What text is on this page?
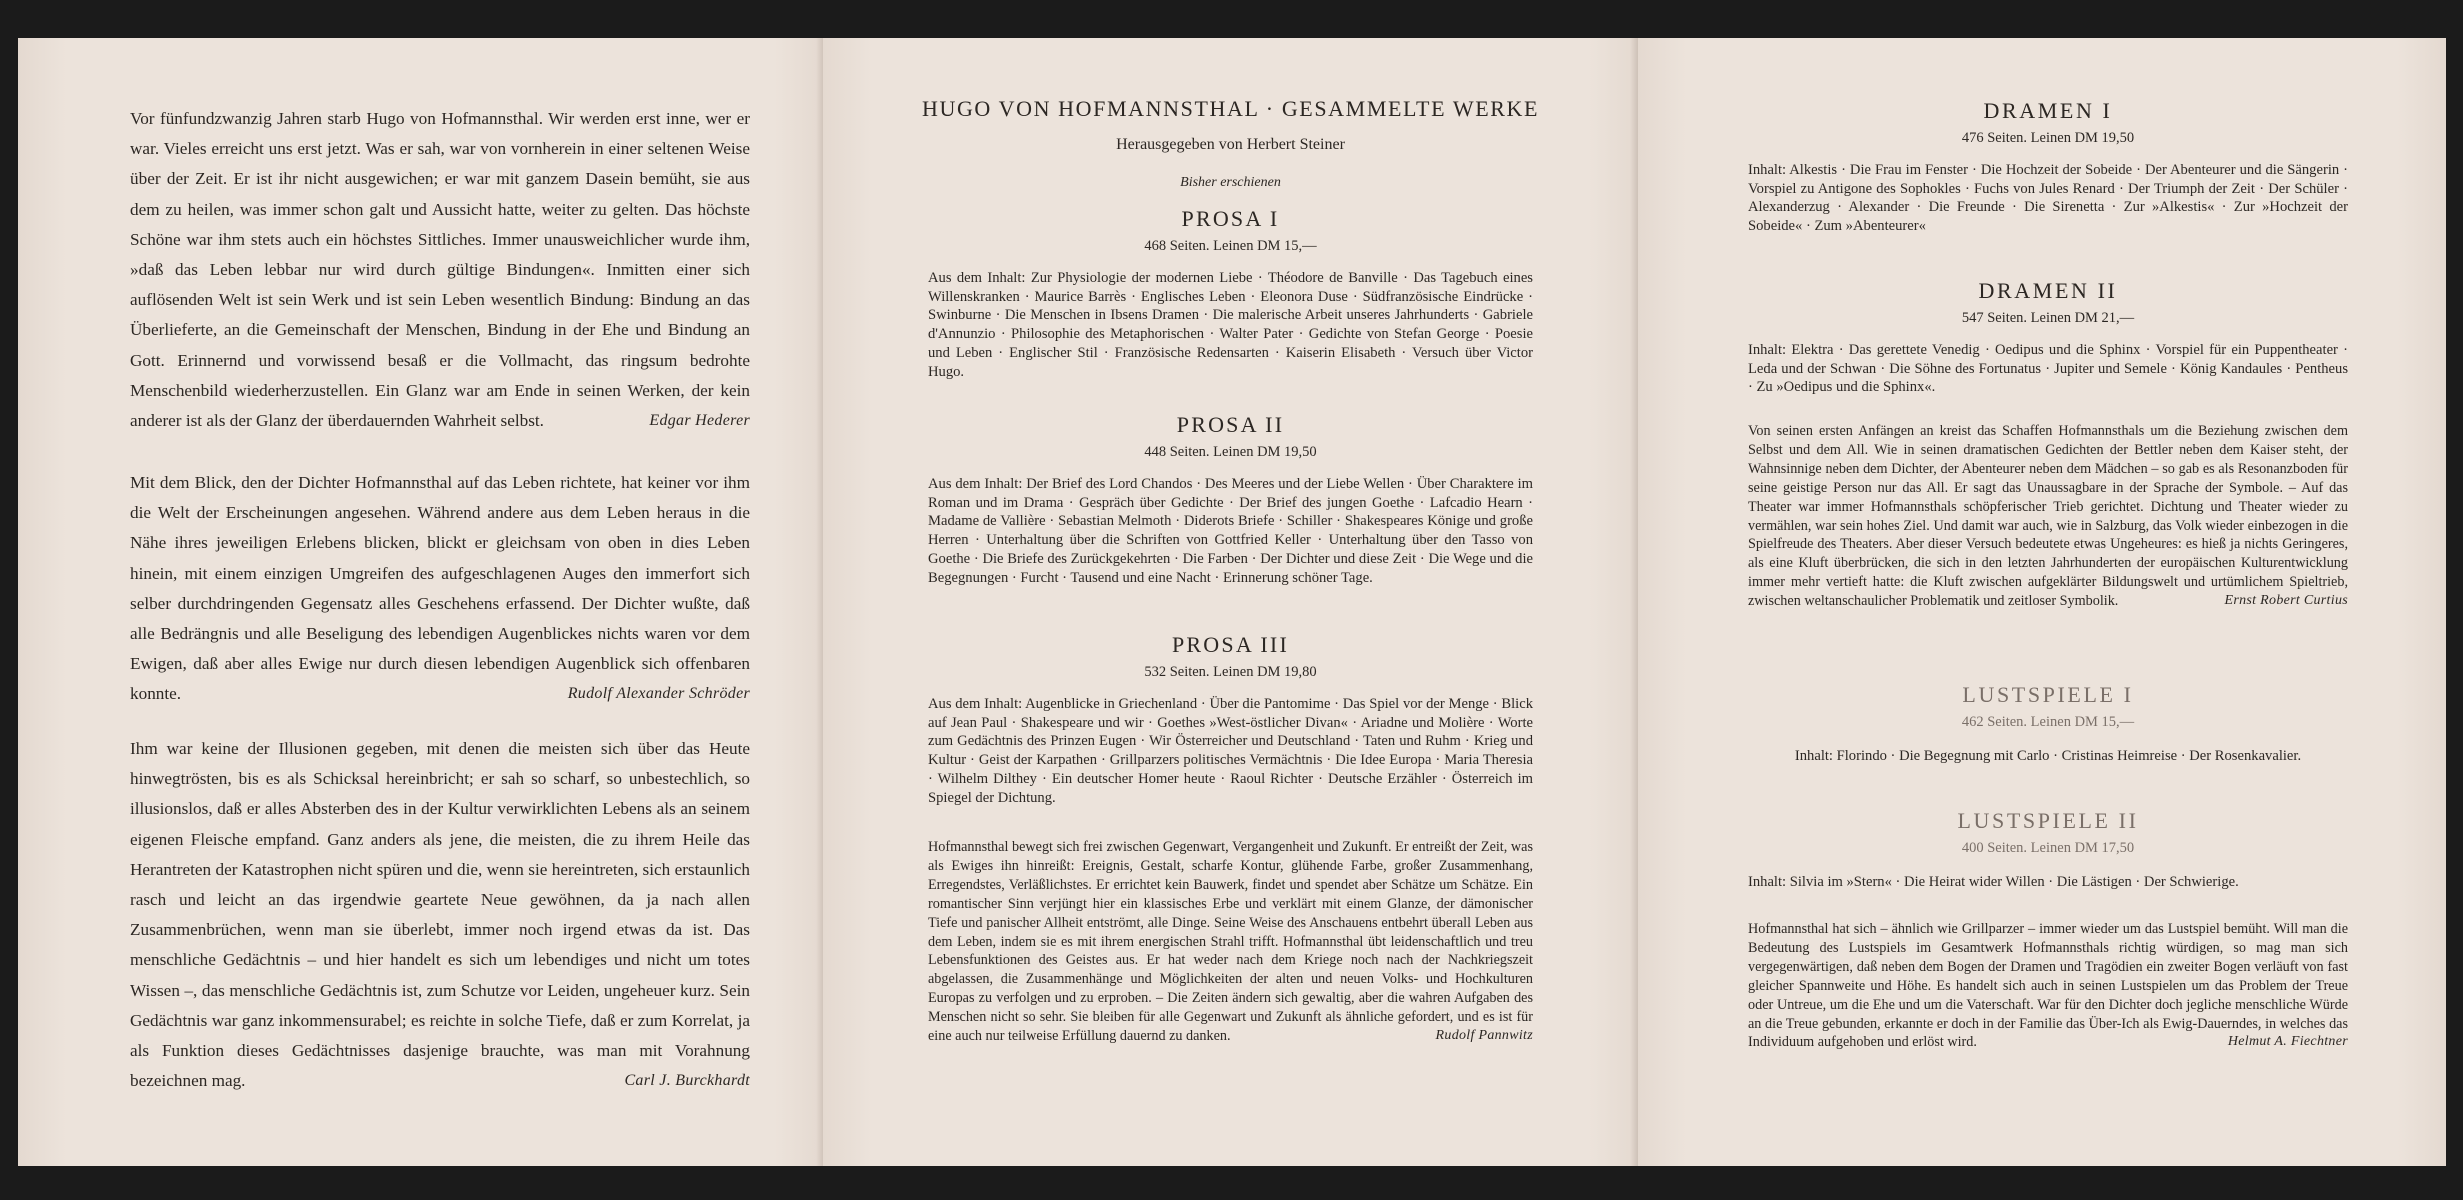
Vor fünfundzwanzig Jahren starb Hugo von Hofmannsthal. Wir werden erst inne, wer er war. Vieles erreicht uns erst jetzt. Was er sah, war von vornherein in einer seltenen Weise über der Zeit. Er ist ihr nicht ausgewichen; er war mit ganzem Dasein bemüht, sie aus dem zu heilen, was immer schon galt und Aussicht hatte, weiter zu gelten. Das höchste Schöne war ihm stets auch ein höchstes Sittliches. Immer unausweichlicher wurde ihm, »daß das Leben lebbar nur wird durch gültige Bindungen«. Inmitten einer sich auflösenden Welt ist sein Werk und ist sein Leben wesentlich Bindung: Bindung an das Überlieferte, an die Gemeinschaft der Menschen, Bindung in der Ehe und Bindung an Gott. Erinnernd und vorwissend besaß er die Vollmacht, das ringsum bedrohte Menschenbild wiederherzustellen. Ein Glanz war am Ende in seinen Werken, der kein anderer ist als der Glanz der überdauernden Wahrheit selbst.	Edgar Hederer

Mit dem Blick, den der Dichter Hofmannsthal auf das Leben richtete, hat keiner vor ihm die Welt der Erscheinungen angesehen. Während andere aus dem Leben heraus in die Nähe ihres jeweiligen Erlebens blicken, blickt er gleichsam von oben in dies Leben hinein, mit einem einzigen Umgreifen des aufgeschlagenen Auges den immerfort sich selber durchdringenden Gegensatz alles Geschehens erfassend. Der Dichter wußte, daß alle Bedrängnis und alle Beseligung des lebendigen Augenblickes nichts waren vor dem Ewigen, daß aber alles Ewige nur durch diesen lebendigen Augenblick sich offenbaren konnte.	Rudolf Alexander Schröder

Ihm war keine der Illusionen gegeben, mit denen die meisten sich über das Heute hinwegtrösten, bis es als Schicksal hereinbricht; er sah so scharf, so unbestechlich, so illusionslos, daß er alles Absterben des in der Kultur verwirklichten Lebens als an seinem eigenen Fleische empfand. Ganz anders als jene, die meisten, die zu ihrem Heile das Herantreten der Katastrophen nicht spüren und die, wenn sie hereintreten, sich erstaunlich rasch und leicht an das irgendwie geartete Neue gewöhnen, da ja nach allen Zusammenbrüchen, wenn man sie überlebt, immer noch irgend etwas da ist. Das menschliche Gedächtnis – und hier handelt es sich um lebendiges und nicht um totes Wissen –, das menschliche Gedächtnis ist, zum Schutze vor Leiden, ungeheuer kurz. Sein Gedächtnis war ganz inkommensurabel; es reichte in solche Tiefe, daß er zum Korrelat, ja als Funktion dieses Gedächtnisses dasjenige brauchte, was man mit Vorahnung bezeichnen mag.	Carl J. Burckhardt

HUGO VON HOFMANNSTHAL · GESAMMELTE WERKE
Herausgegeben von Herbert Steiner
Bisher erschienen
PROSA I
468 Seiten. Leinen DM 15,—

Aus dem Inhalt: Zur Physiologie der modernen Liebe · Théodore de Banville · Das Tagebuch eines Willenskranken · Maurice Barrès · Englisches Leben · Eleonora Duse · Südfranzösische Eindrücke · Swinburne · Die Menschen in Ibsens Dramen · Die malerische Arbeit unseres Jahrhunderts · Gabriele d'Annunzio · Philosophie des Metaphorischen · Walter Pater · Gedichte von Stefan George · Poesie und Leben · Englischer Stil · Französische Redensarten · Kaiserin Elisabeth · Versuch über Victor Hugo.

PROSA II
448 Seiten. Leinen DM 19,50

Aus dem Inhalt: Der Brief des Lord Chandos · Des Meeres und der Liebe Wellen · Über Charaktere im Roman und im Drama · Gespräch über Gedichte · Der Brief des jungen Goethe · Lafcadio Hearn · Madame de Vallière · Sebastian Melmoth · Diderots Briefe · Schiller · Shakespeares Könige und große Herren · Unterhaltung über die Schriften von Gottfried Keller · Unterhaltung über den Tasso von Goethe · Die Briefe des Zurückgekehrten · Die Farben · Der Dichter und diese Zeit · Die Wege und die Begegnungen · Furcht · Tausend und eine Nacht · Erinnerung schöner Tage.

PROSA III
532 Seiten. Leinen DM 19,80

Aus dem Inhalt: Augenblicke in Griechenland · Über die Pantomime · Das Spiel vor der Menge · Blick auf Jean Paul · Shakespeare und wir · Goethes »West-östlicher Divan« · Ariadne und Molière · Worte zum Gedächtnis des Prinzen Eugen · Wir Österreicher und Deutschland · Taten und Ruhm · Krieg und Kultur · Geist der Karpathen · Grillparzers politisches Vermächtnis · Die Idee Europa · Maria Theresia · Wilhelm Dilthey · Ein deutscher Homer heute · Raoul Richter · Deutsche Erzähler · Österreich im Spiegel der Dichtung.

Hofmannsthal bewegt sich frei zwischen Gegenwart, Vergangenheit und Zukunft. Er entreißt der Zeit, was als Ewiges ihn hinreißt: Ereignis, Gestalt, scharfe Kontur, glühende Farbe, großer Zusammenhang, Erregendstes, Verläßlichstes. Er errichtet kein Bauwerk, findet und spendet aber Schätze um Schätze. Ein romantischer Sinn verjüngt hier ein klassisches Erbe und verklärt mit einem Glanze, der dämonischer Tiefe und panischer Allheit entströmt, alle Dinge. Seine Weise des Anschauens entbehrt überall Leben aus dem Leben, indem sie es mit ihrem energischen Strahl trifft. Hofmannsthal übt leidenschaftlich und treu Lebensfunktionen des Geistes aus. Er hat weder nach dem Kriege noch nach der Nachkriegszeit abgelassen, die Zusammenhänge und Möglichkeiten der alten und neuen Volks- und Hochkulturen Europas zu verfolgen und zu erproben. – Die Zeiten ändern sich gewaltig, aber die wahren Aufgaben des Menschen nicht so sehr. Sie bleiben für alle Gegenwart und Zukunft als ähnliche gefordert, und es ist für eine auch nur teilweise Erfüllung dauernd zu danken.	Rudolf Pannwitz

DRAMEN I
476 Seiten. Leinen DM 19,50

Inhalt: Alkestis · Die Frau im Fenster · Die Hochzeit der Sobeide · Der Abenteurer und die Sängerin · Vorspiel zu Antigone des Sophokles · Fuchs von Jules Renard · Der Triumph der Zeit · Der Schüler · Alexanderzug · Alexander · Die Freunde · Die Sirenetta · Zur »Alkestis« · Zur »Hochzeit der Sobeide« · Zum »Abenteurer«

DRAMEN II
547 Seiten. Leinen DM 21,—

Inhalt: Elektra · Das gerettete Venedig · Oedipus und die Sphinx · Vorspiel für ein Puppentheater · Leda und der Schwan · Die Söhne des Fortunatus · Jupiter und Semele · König Kandaules · Pentheus · Zu »Oedipus und die Sphinx«.

Von seinen ersten Anfängen an kreist das Schaffen Hofmannsthals um die Beziehung zwischen dem Selbst und dem All. Wie in seinen dramatischen Gedichten der Bettler neben dem Kaiser steht, der Wahnsinnige neben dem Dichter, der Abenteurer neben dem Mädchen – so gab es als Resonanzboden für seine geistige Person nur das All. Er sagt das Unaussagbare in der Sprache der Symbole. – Auf das Theater war immer Hofmannsthals schöpferischer Trieb gerichtet. Dichtung und Theater wieder zu vermählen, war sein hohes Ziel. Und damit war auch, wie in Salzburg, das Volk wieder einbezogen in die Spielfreude des Theaters. Aber dieser Versuch bedeutete etwas Ungeheures: es hieß ja nichts Geringeres, als eine Kluft überbrücken, die sich in den letzten Jahrhunderten der europäischen Kulturentwicklung immer mehr vertieft hatte: die Kluft zwischen aufgeklärter Bildungswelt und urtümlichem Spieltrieb, zwischen weltanschaulicher Problematik und zeitloser Symbolik.	Ernst Robert Curtius

LUSTSPIELE I
462 Seiten. Leinen DM 15,—

Inhalt: Florindo · Die Begegnung mit Carlo · Cristinas Heimreise · Der Rosenkavalier.

LUSTSPIELE II
400 Seiten. Leinen DM 17,50

Inhalt: Silvia im »Stern« · Die Heirat wider Willen · Die Lästigen · Der Schwierige.

Hofmannsthal hat sich – ähnlich wie Grillparzer – immer wieder um das Lustspiel bemüht. Will man die Bedeutung des Lustspiels im Gesamtwerk Hofmannsthals richtig würdigen, so mag man sich vergegenwärtigen, daß neben dem Bogen der Dramen und Tragödien ein zweiter Bogen verläuft von fast gleicher Spannweite und Höhe. Es handelt sich auch in seinen Lustspielen um das Problem der Treue oder Untreue, um die Ehe und um die Vaterschaft. War für den Dichter doch jegliche menschliche Würde an die Treue gebunden, erkannte er doch in der Familie das Über-Ich als Ewig-Dauerndes, in welches das Individuum aufgehoben und erlöst wird.	Helmut A. Fiechtner
